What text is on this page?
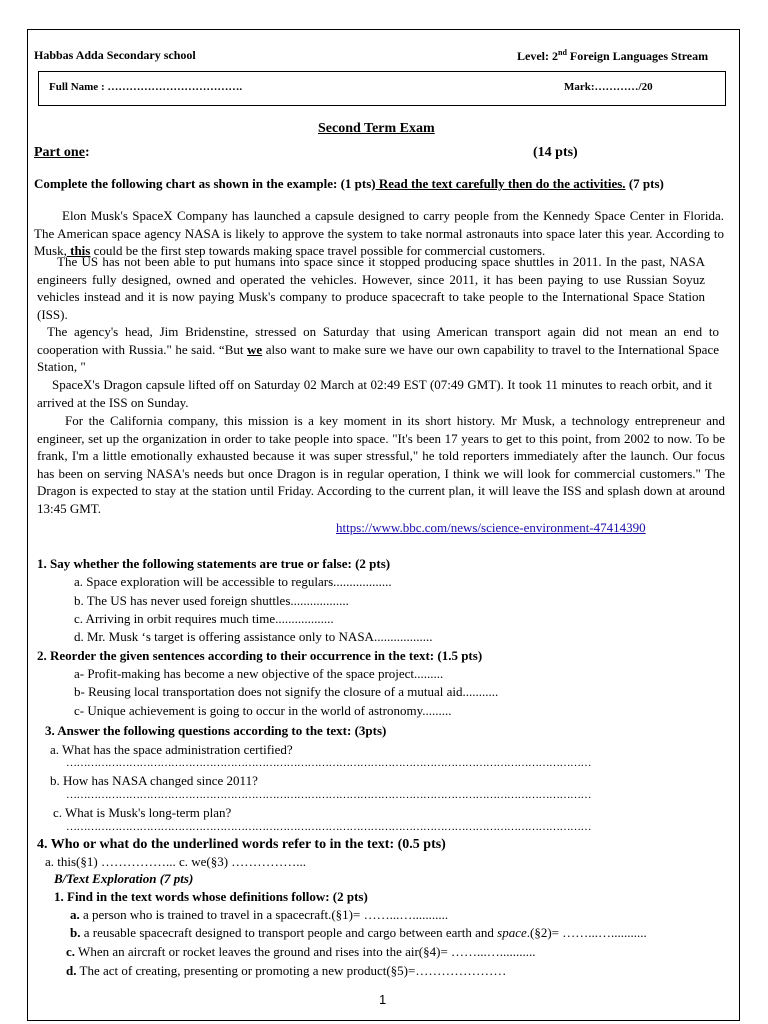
Habbas Adda Secondary school	Level: 2nd Foreign Languages Stream
Full Name : ……………………………….	Mark:…………/20
Second Term Exam
Part one:	(14 pts)
Complete the following chart as shown in the example: (1 pts) Read the text carefully then do the activities. (7 pts)
Elon Musk's SpaceX Company has launched a capsule designed to carry people from the Kennedy Space Center in Florida. The American space agency NASA is likely to approve the system to take normal astronauts into space later this year. According to Musk, this could be the first step towards making space travel possible for commercial customers.
The US has not been able to put humans into space since it stopped producing space shuttles in 2011. In the past, NASA engineers fully designed, owned and operated the vehicles. However, since 2011, it has been paying to use Russian Soyuz vehicles instead and it is now paying Musk's company to produce spacecraft to take people to the International Space Station (ISS).
The agency's head, Jim Bridenstine, stressed on Saturday that using American transport again did not mean an end to cooperation with Russia." he said. “But we also want to make sure we have our own capability to travel to the International Space Station, "
SpaceX's Dragon capsule lifted off on Saturday 02 March at 02:49 EST (07:49 GMT). It took 11 minutes to reach orbit, and it arrived at the ISS on Sunday.
For the California company, this mission is a key moment in its short history. Mr Musk, a technology entrepreneur and engineer, set up the organization in order to take people into space. "It's been 17 years to get to this point, from 2002 to now. To be frank, I'm a little emotionally exhausted because it was super stressful," he told reporters immediately after the launch. Our focus has been on serving NASA's needs but once Dragon is in regular operation, I think we will look for commercial customers." The Dragon is expected to stay at the station until Friday. According to the current plan, it will leave the ISS and splash down at around 13:45 GMT.
https://www.bbc.com/news/science-environment-47414390
1. Say whether the following statements are true or false: (2 pts)
a. Space exploration will be accessible to regulars..................
b. The US has never used foreign shuttles..................
c. Arriving in orbit requires much time..................
d. Mr. Musk ‘s target is offering assistance only to NASA..................
2. Reorder the given sentences according to their occurrence in the text: (1.5 pts)
a- Profit-making has become a new objective of the space project.........
b- Reusing local transportation does not signify the closure of a mutual aid...........
c- Unique achievement is going to occur in the world of astronomy.........
3. Answer the following questions according to the text: (3pts)
a. What has the space administration certified?
……………………………………………………………………………………………………………………………………
b. How has NASA changed since 2011?
……………………………………………………………………………………………………………………………………
c. What is Musk's long-term plan?
……………………………………………………………………………………………………………………………………
4. Who or what do the underlined words refer to in the text: (0.5 pts)
a. this(§1) ……………... c. we(§3) ……………...
B/Text Exploration (7 pts)
1. Find in the text words whose definitions follow: (2 pts)
a. a person who is trained to travel in a spacecraft.(§1)= ……...…...........
b. a reusable spacecraft designed to transport people and cargo between earth and space.(§2)= ……...…...........
c. When an aircraft or rocket leaves the ground and rises into the air(§4)= ……...…...........
d. The act of creating, presenting or promoting a new product(§5)=…………………
1
